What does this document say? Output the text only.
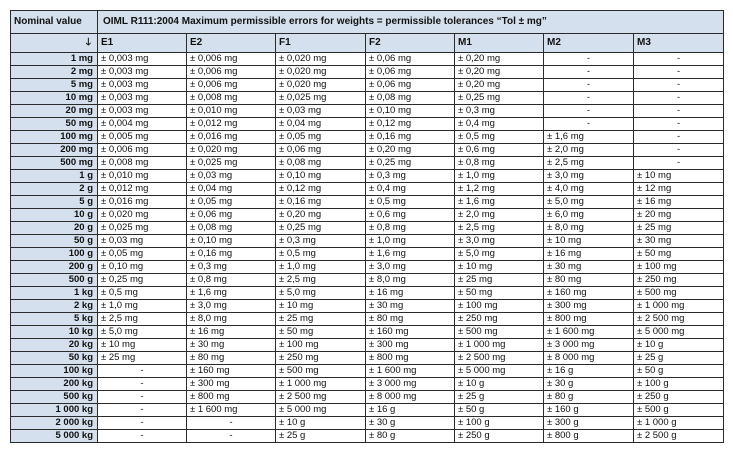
Nominal value	OIML R111:2004 Maximum permissible errors for weights = permissible tolerances “Tol ± mg”						
🡓	E1	E2	F1	F2	M1	M2	M3
1 mg	± 0,003 mg	± 0,006 mg	± 0,020 mg	± 0,06 mg	± 0,20 mg	-	-
2 mg	± 0,003 mg	± 0,006 mg	± 0,020 mg	± 0,06 mg	± 0,20 mg	-	-
5 mg	± 0,003 mg	± 0,006 mg	± 0,020 mg	± 0,06 mg	± 0,20 mg	-	-
10 mg	± 0,003 mg	± 0,008 mg	± 0,025 mg	± 0,08 mg	± 0,25 mg	-	-
20 mg	± 0,003 mg	± 0,010 mg	± 0,03 mg	± 0,10 mg	± 0,3 mg	-	-
50 mg	± 0,004 mg	± 0,012 mg	± 0,04 mg	± 0,12 mg	± 0,4 mg	-	-
100 mg	± 0,005 mg	± 0,016 mg	± 0,05 mg	± 0,16 mg	± 0,5 mg	± 1,6 mg	-
200 mg	± 0,006 mg	± 0,020 mg	± 0,06 mg	± 0,20 mg	± 0,6 mg	± 2,0 mg	-
500 mg	± 0,008 mg	± 0,025 mg	± 0,08 mg	± 0,25 mg	± 0,8 mg	± 2,5 mg	-
1 g	± 0,010 mg	± 0,03 mg	± 0,10 mg	± 0,3 mg	± 1,0 mg	± 3,0 mg	± 10 mg
2 g	± 0,012 mg	± 0,04 mg	± 0,12 mg	± 0,4 mg	± 1,2 mg	± 4,0 mg	± 12 mg
5 g	± 0,016 mg	± 0,05 mg	± 0,16 mg	± 0,5 mg	± 1,6 mg	± 5,0 mg	± 16 mg
10 g	± 0,020 mg	± 0,06 mg	± 0,20 mg	± 0,6 mg	± 2,0 mg	± 6,0 mg	± 20 mg
20 g	± 0,025 mg	± 0,08 mg	± 0,25 mg	± 0,8 mg	± 2,5 mg	± 8,0 mg	± 25 mg
50 g	± 0,03 mg	± 0,10 mg	± 0,3 mg	± 1,0 mg	± 3,0 mg	± 10 mg	± 30 mg
100 g	± 0,05 mg	± 0,16 mg	± 0,5 mg	± 1,6 mg	± 5,0 mg	± 16 mg	± 50 mg
200 g	± 0,10 mg	± 0,3 mg	± 1,0 mg	± 3,0 mg	± 10 mg	± 30 mg	± 100 mg
500 g	± 0,25 mg	± 0,8 mg	± 2,5 mg	± 8,0 mg	± 25 mg	± 80 mg	± 250 mg
1 kg	± 0,5 mg	± 1,6 mg	± 5,0 mg	± 16 mg	± 50 mg	± 160 mg	± 500 mg
2 kg	± 1,0 mg	± 3,0 mg	± 10 mg	± 30 mg	± 100 mg	± 300 mg	± 1 000 mg
5 kg	± 2,5 mg	± 8,0 mg	± 25 mg	± 80 mg	± 250 mg	± 800 mg	± 2 500 mg
10 kg	± 5,0 mg	± 16 mg	± 50 mg	± 160 mg	± 500 mg	± 1 600 mg	± 5 000 mg
20 kg	± 10 mg	± 30 mg	± 100 mg	± 300 mg	± 1 000 mg	± 3 000 mg	± 10 g
50 kg	± 25 mg	± 80 mg	± 250 mg	± 800 mg	± 2 500 mg	± 8 000 mg	± 25 g
100 kg	-	± 160 mg	± 500 mg	± 1 600 mg	± 5 000 mg	± 16 g	± 50 g
200 kg	-	± 300 mg	± 1 000 mg	± 3 000 mg	± 10 g	± 30 g	± 100 g
500 kg	-	± 800 mg	± 2 500 mg	± 8 000 mg	± 25 g	± 80 g	± 250 g
1 000 kg	-	± 1 600 mg	± 5 000 mg	± 16 g	± 50 g	± 160 g	± 500 g
2 000 kg	-	-	± 10 g	± 30 g	± 100 g	± 300 g	± 1 000 g
5 000 kg	-	-	± 25 g	± 80 g	± 250 g	± 800 g	± 2 500 g
